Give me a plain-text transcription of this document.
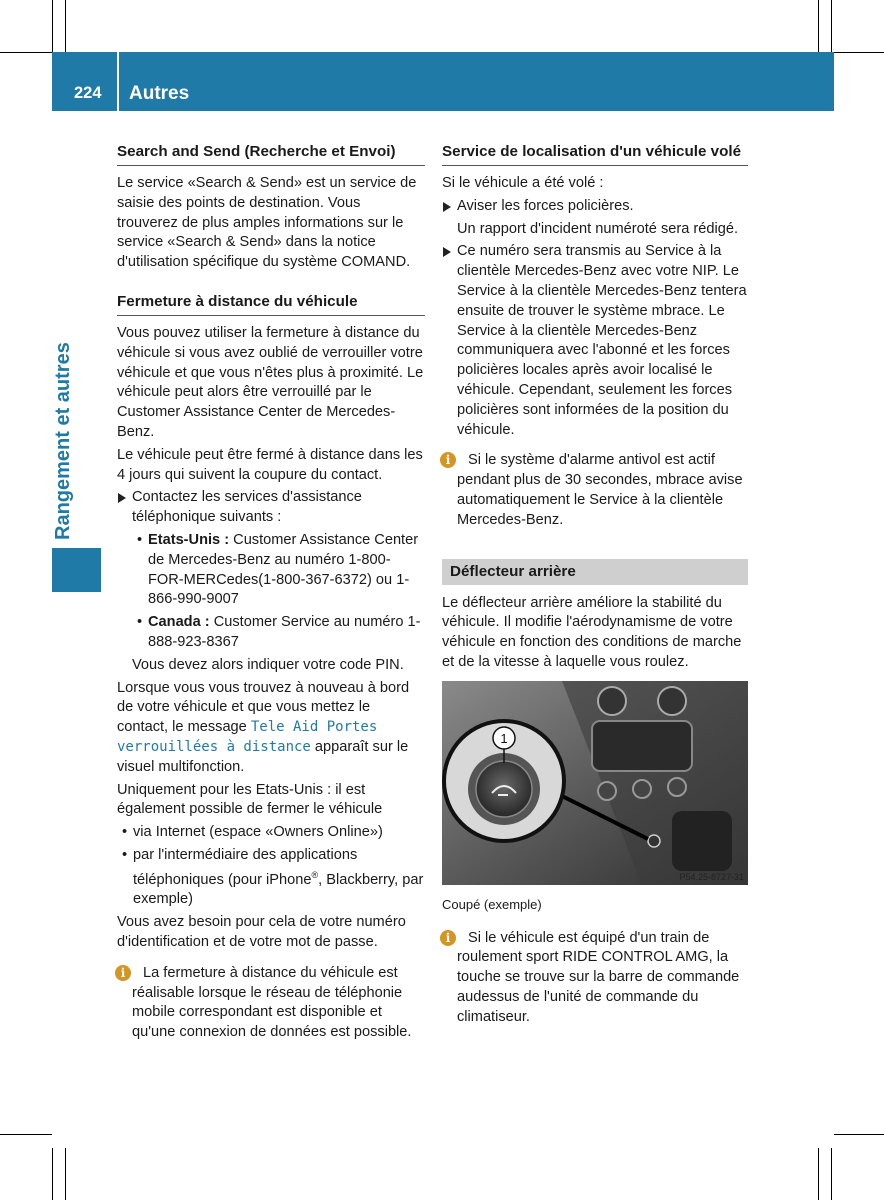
224 Autres
Rangement et autres
Search and Send (Recherche et Envoi)

Le service «Search & Send» est un service de saisie des points de destination. Vous trouverez de plus amples informations sur le service «Search & Send» dans la notice d'utilisation spécifique du système COMAND.

Fermeture à distance du véhicule

Vous pouvez utiliser la fermeture à distance du véhicule si vous avez oublié de verrouiller votre véhicule et que vous n'êtes plus à proximité. Le véhicule peut alors être verrouillé par le Customer Assistance Center de Mercedes-Benz.

Le véhicule peut être fermé à distance dans les 4 jours qui suivent la coupure du contact.

Contactez les services d'assistance téléphonique suivants :
• Etats-Unis : Customer Assistance Center de Mercedes-Benz au numéro 1-800-FOR-MERCedes(1-800-367-6372) ou 1-866-990-9007
• Canada : Customer Service au numéro 1-888-923-8367
Vous devez alors indiquer votre code PIN.

Lorsque vous vous trouvez à nouveau à bord de votre véhicule et que vous mettez le contact, le message Tele Aid Portes verrouillées à distance apparaît sur le visuel multifonction.

Uniquement pour les Etats-Unis : il est également possible de fermer le véhicule

• via Internet (espace «Owners Online»)
• par l'intermédiaire des applications téléphoniques (pour iPhone®, Blackberry, par exemple)

Vous avez besoin pour cela de votre numéro d'identification et de votre mot de passe.

i	La fermeture à distance du véhicule est réalisable lorsque le réseau de téléphonie mobile correspondant est disponible et qu'une connexion de données est possible.
Service de localisation d'un véhicule volé

Si le véhicule a été volé :

Aviser les forces policières.
Un rapport d'incident numéroté sera rédigé.
Ce numéro sera transmis au Service à la clientèle Mercedes-Benz avec votre NIP. Le Service à la clientèle Mercedes-Benz tentera ensuite de trouver le système mbrace. Le Service à la clientèle Mercedes-Benz communiquera avec l'abonné et les forces policières locales après avoir localisé le véhicule. Cependant, seulement les forces policières sont informées de la position du véhicule.
i	Si le système d'alarme antivol est actif pendant plus de 30 secondes, mbrace avise automatiquement le Service à la clientèle Mercedes-Benz.
Déflecteur arrière

Le déflecteur arrière améliore la stabilité du véhicule. Il modifie l'aérodynamisme de votre véhicule en fonction des conditions de marche et de la vitesse à laquelle vous roulez.

1
P54.25-8727-31
Coupé (exemple)
i	Si le véhicule est équipé d'un train de roulement sport RIDE CONTROL AMG, la touche se trouve sur la barre de commande audessus de l'unité de commande du climatiseur.
